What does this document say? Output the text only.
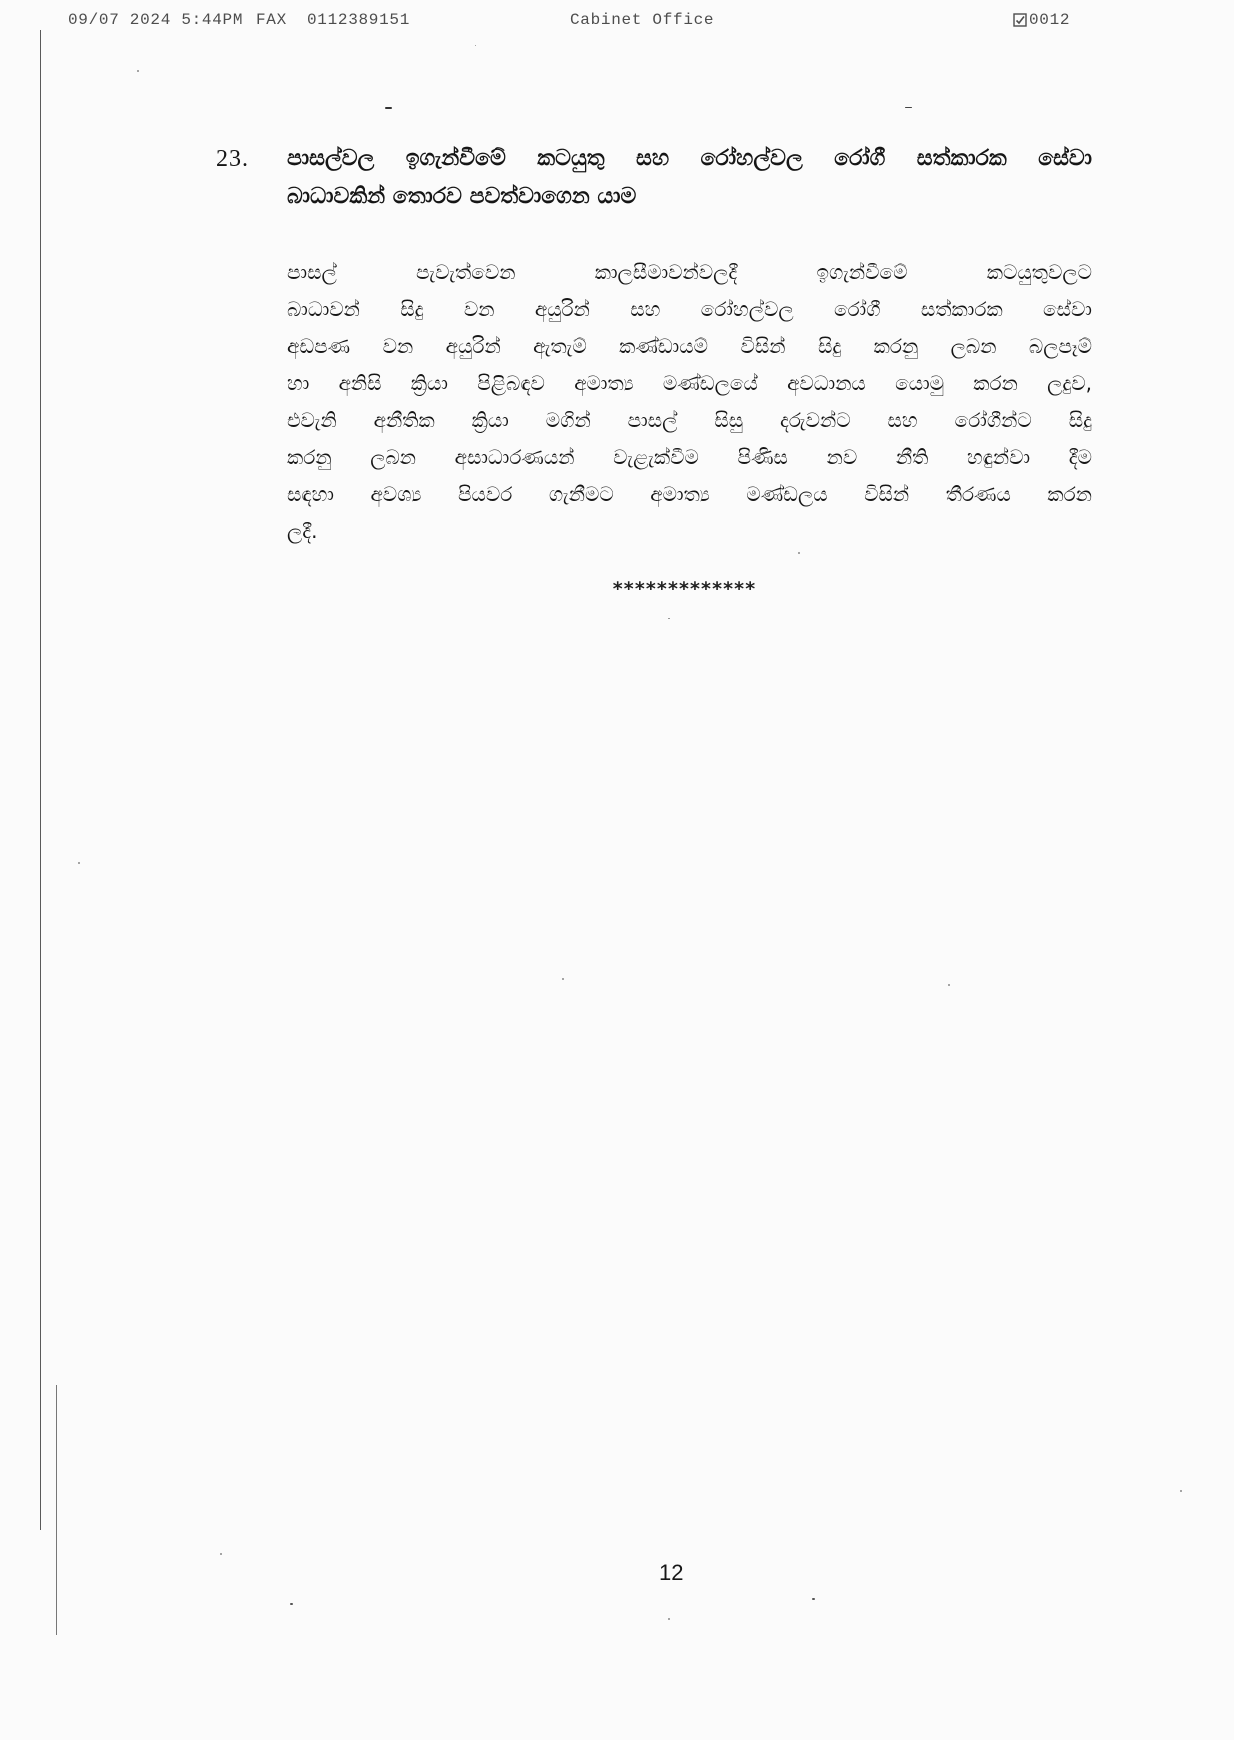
09/07 2024 5:44PM FAX 0112389151	Cabinet Office	0012
23. පාසල්වල ඉගැන්වීමේ කටයුතු සහ රෝහල්වල රෝගී සත්කාරක සේවා
බාධාවකින් තොරව පවත්වාගෙන යාම
පාසල් පැවැත්වෙන කාලසීමාවන්වලදී ඉගැන්වීමේ කටයුතුවලට
බාධාවන් සිදු වන අයුරින් සහ රෝහල්වල රෝගී සත්කාරක සේවා
අඩපණ වන අයුරින් ඇතැම් කණ්ඩායම් විසින් සිදු කරනු ලබන බලපෑම්
හා අනිසි ක්‍රියා පිළිබඳව අමාත්‍ය මණ්ඩලයේ අවධානය යොමු කරන ලදුව,
එවැනි අනීතික ක්‍රියා මගින් පාසල් සිසු දරුවන්ට සහ රෝගීන්ට සිදු
කරනු ලබන අසාධාරණයන් වැළැක්වීම පිණිස නව නීති හඳුන්වා දීම
සඳහා අවශ්‍ය පියවර ගැනීමට අමාත්‍ය මණ්ඩලය විසින් තීරණය කරන
ලදී.
*************
12
